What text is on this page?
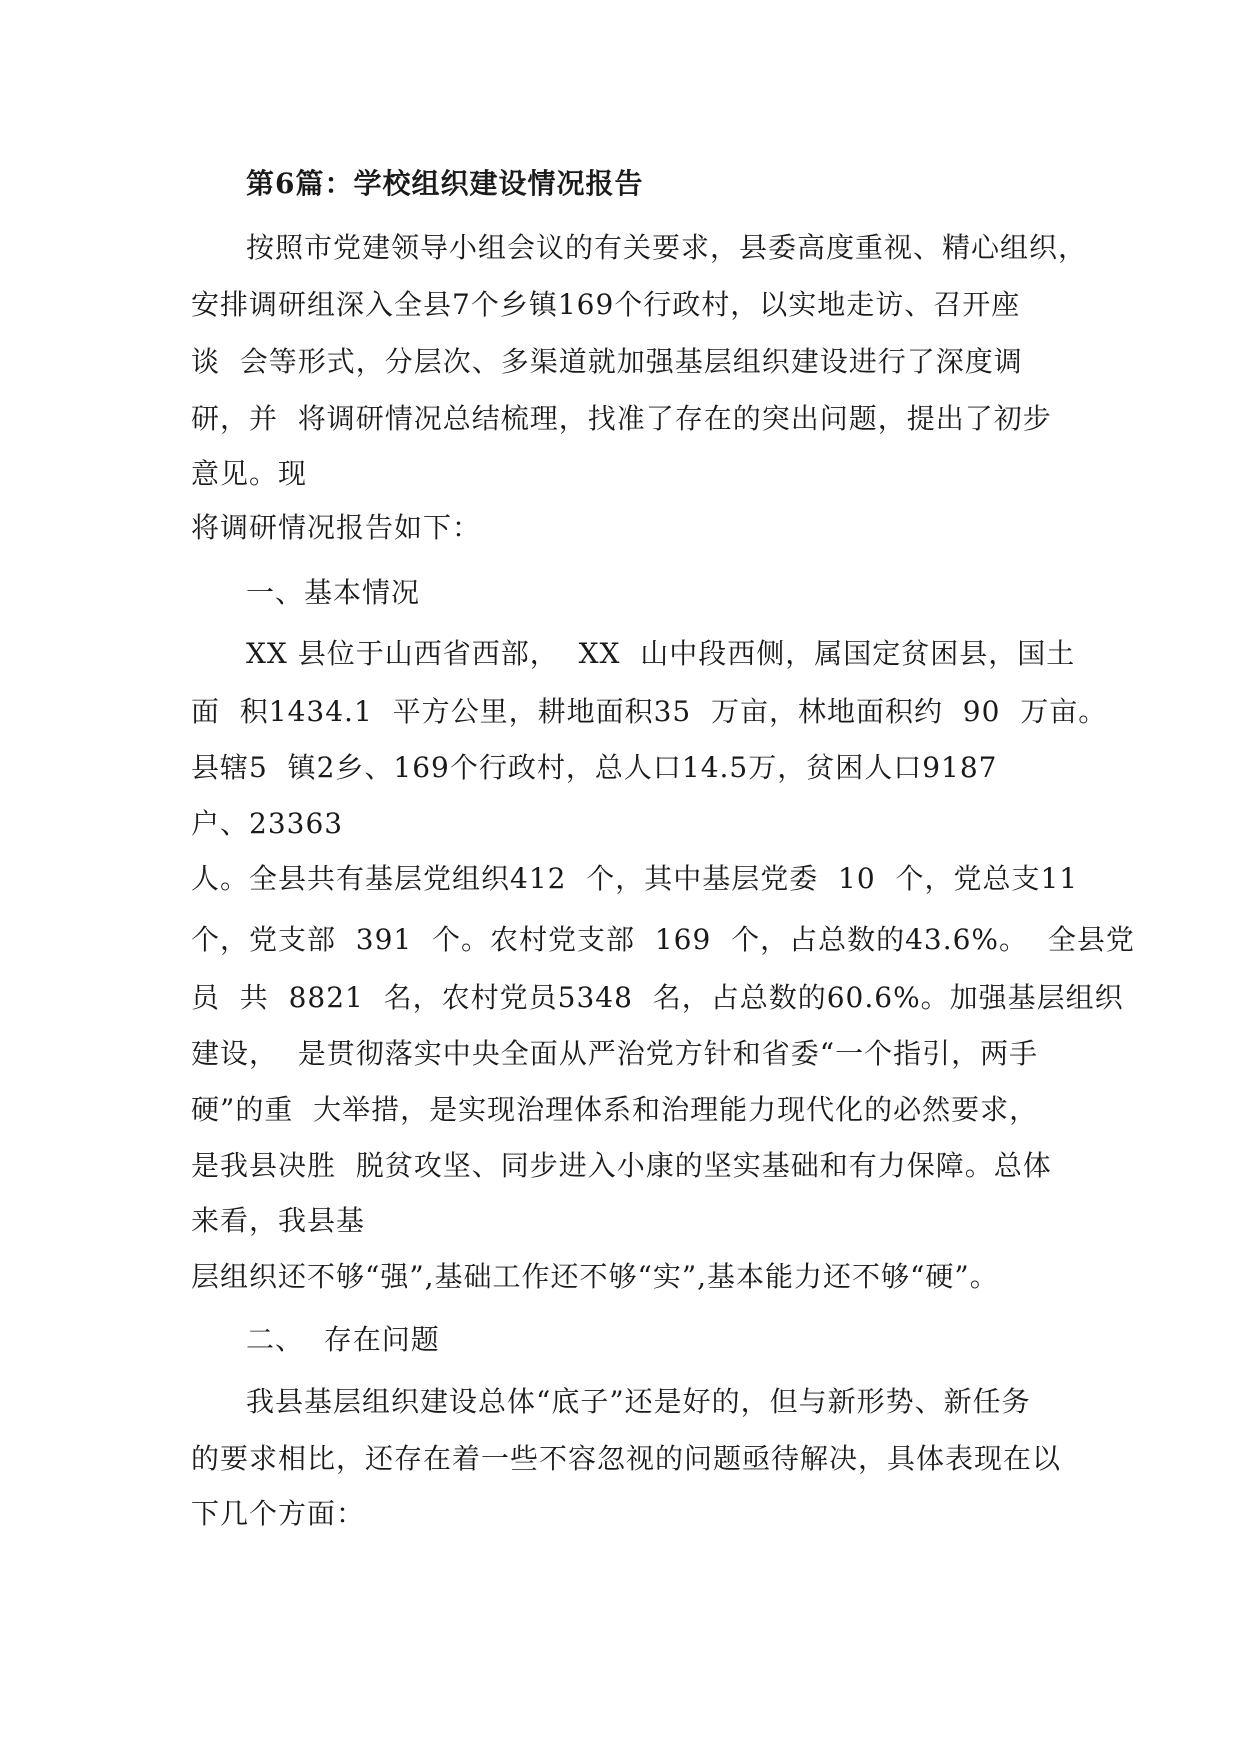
第6篇：学校组织建设情况报告
按照市党建领导小组会议的有关要求，县委高度重视、精心组织，
安排调研组深入全县7个乡镇169个行政村，以实地走访、召开座
谈  会等形式，分层次、多渠道就加强基层组织建设进行了深度调
研，并  将调研情况总结梳理，找准了存在的突出问题，提出了初步
意见。现
将调研情况报告如下：
一、基本情况
XX 县位于山西省西部，  XX  山中段西侧，属国定贫困县，国土
面  积1434.1  平方公里，耕地面积35  万亩，林地面积约  90  万亩。
县辖5  镇2乡、169个行政村，总人口14.5万，贫困人口9187
户、23363
人。全县共有基层党组织412  个，其中基层党委  10  个，党总支11
个，党支部  391  个。农村党支部  169  个，占总数的43.6%。  全县党
员  共  8821  名，农村党员5348  名，占总数的60.6%。加强基层组织
建设，  是贯彻落实中央全面从严治党方针和省委“一个指引，两手
硬”的重  大举措，是实现治理体系和治理能力现代化的必然要求，
是我县决胜  脱贫攻坚、同步进入小康的坚实基础和有力保障。总体
来看，我县基
层组织还不够“强”,基础工作还不够“实”,基本能力还不够“硬”。
二、  存在问题
我县基层组织建设总体“底子”还是好的，但与新形势、新任务
的要求相比，还存在着一些不容忽视的问题亟待解决，具体表现在以
下几个方面：
